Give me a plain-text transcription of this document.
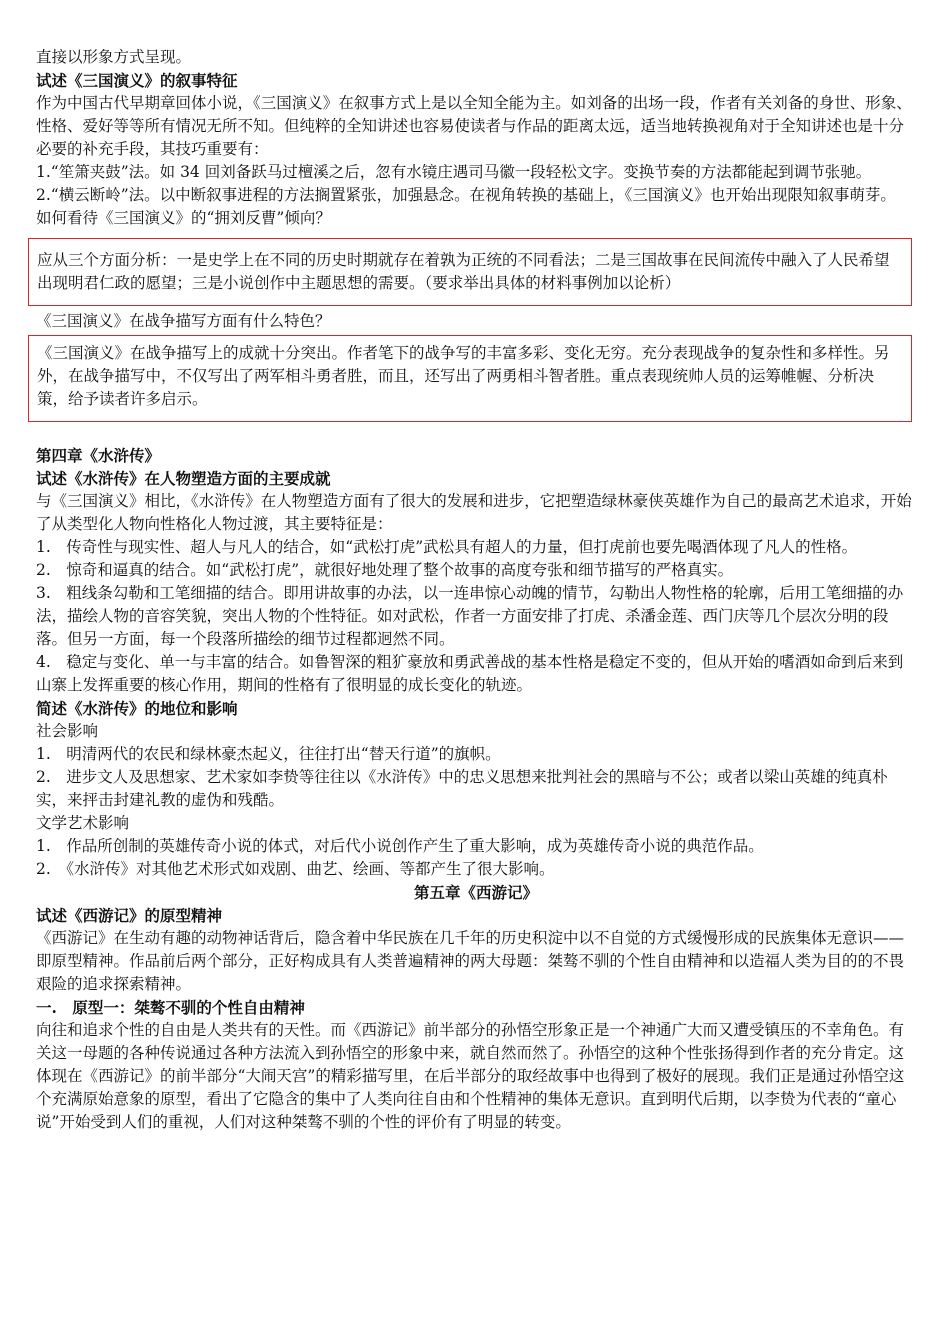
直接以形象方式呈现。

试述《三国演义》的叙事特征

作为中国古代早期章回体小说，《三国演义》在叙事方式上是以全知全能为主。如刘备的出场一段，作者有关刘备的身世、形象、性格、爱好等等所有情况无所不知。但纯粹的全知讲述也容易使读者与作品的距离太远，适当地转换视角对于全知讲述也是十分必要的补充手段，其技巧重要有：

1.“笙箫夹鼓”法。如 34 回刘备跃马过檀溪之后，忽有水镜庄遇司马徽一段轻松文字。变换节奏的方法都能起到调节张驰。

2.“横云断岭”法。以中断叙事进程的方法搁置紧张，加强悬念。在视角转换的基础上，《三国演义》也开始出现限知叙事萌芽。

如何看待《三国演义》的“拥刘反曹”倾向？

应从三个方面分析：一是史学上在不同的历史时期就存在着孰为正统的不同看法；二是三国故事在民间流传中融入了人民希望出现明君仁政的愿望；三是小说创作中主题思想的需要。（要求举出具体的材料事例加以论析）

《三国演义》在战争描写方面有什么特色？

《三国演义》在战争描写上的成就十分突出。作者笔下的战争写的丰富多彩、变化无穷。充分表现战争的复杂性和多样性。另外，在战争描写中，不仅写出了两军相斗勇者胜，而且，还写出了两勇相斗智者胜。重点表现统帅人员的运筹帷幄、分析决策，给予读者许多启示。

第四章《水浒传》

试述《水浒传》在人物塑造方面的主要成就

与《三国演义》相比，《水浒传》在人物塑造方面有了很大的发展和进步，它把塑造绿林豪侠英雄作为自己的最高艺术追求，开始了从类型化人物向性格化人物过渡，其主要特征是：

1.　传奇性与现实性、超人与凡人的结合，如“武松打虎”武松具有超人的力量，但打虎前也要先喝酒体现了凡人的性格。

2.　惊奇和逼真的结合。如“武松打虎”，就很好地处理了整个故事的高度夸张和细节描写的严格真实。

3.　粗线条勾勒和工笔细描的结合。即用讲故事的办法，以一连串惊心动魄的情节，勾勒出人物性格的轮廓，后用工笔细描的办法，描绘人物的音容笑貌，突出人物的个性特征。如对武松，作者一方面安排了打虎、杀潘金莲、西门庆等几个层次分明的段落。但另一方面，每一个段落所描绘的细节过程都迥然不同。

4.　稳定与变化、单一与丰富的结合。如鲁智深的粗犷豪放和勇武善战的基本性格是稳定不变的，但从开始的嗜酒如命到后来到山寨上发挥重要的核心作用，期间的性格有了很明显的成长变化的轨迹。

简述《水浒传》的地位和影响

社会影响

1.　明清两代的农民和绿林豪杰起义，往往打出“替天行道”的旗帜。

2.　进步文人及思想家、艺术家如李贽等往往以《水浒传》中的忠义思想来批判社会的黑暗与不公；或者以梁山英雄的纯真朴实，来抨击封建礼教的虚伪和残酷。

文学艺术影响

1.　作品所创制的英雄传奇小说的体式，对后代小说创作产生了重大影响，成为英雄传奇小说的典范作品。

2.　《水浒传》对其他艺术形式如戏剧、曲艺、绘画、等都产生了很大影响。

第五章《西游记》

试述《西游记》的原型精神

《西游记》在生动有趣的动物神话背后，隐含着中华民族在几千年的历史积淀中以不自觉的方式缓慢形成的民族集体无意识——即原型精神。作品前后两个部分，正好构成具有人类普遍精神的两大母题：桀骜不驯的个性自由精神和以造福人类为目的的不畏艰险的追求探索精神。

一.　原型一：桀骜不驯的个性自由精神

向往和追求个性的自由是人类共有的天性。而《西游记》前半部分的孙悟空形象正是一个神通广大而又遭受镇压的不幸角色。有关这一母题的各种传说通过各种方法流入到孙悟空的形象中来，就自然而然了。孙悟空的这种个性张扬得到作者的充分肯定。这体现在《西游记》的前半部分“大闹天宫”的精彩描写里，在后半部分的取经故事中也得到了极好的展现。我们正是通过孙悟空这个充满原始意象的原型，看出了它隐含的集中了人类向往自由和个性精神的集体无意识。直到明代后期，以李贽为代表的“童心说”开始受到人们的重视，人们对这种桀骜不驯的个性的评价有了明显的转变。
